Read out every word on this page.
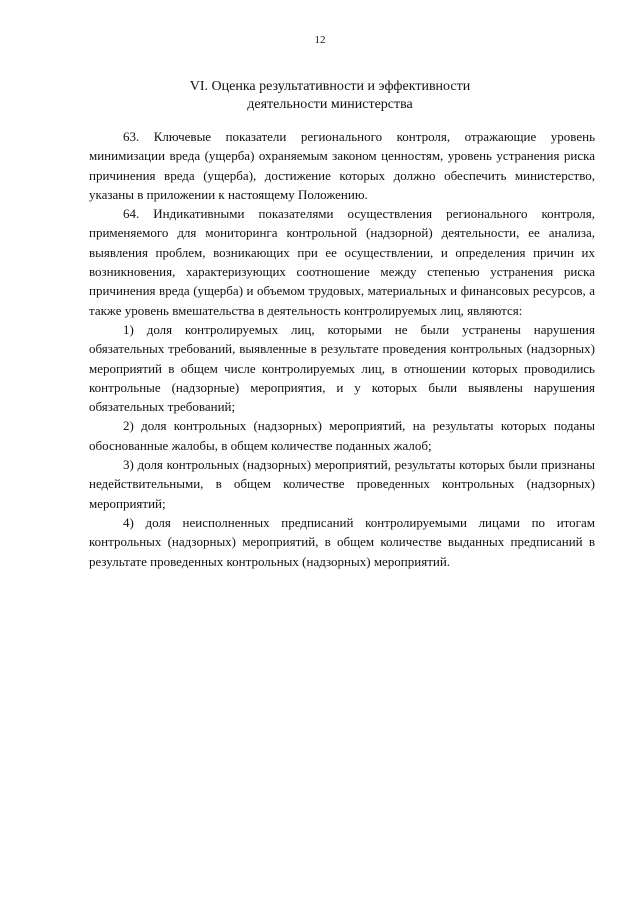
12
VI. Оценка результативности и эффективности
деятельности министерства

63. Ключевые показатели регионального контроля, отражающие уровень минимизации вреда (ущерба) охраняемым законом ценностям, уровень устранения риска причинения вреда (ущерба), достижение которых должно обеспечить министерство, указаны в приложении к настоящему Положению.

64. Индикативными показателями осуществления регионального контроля, применяемого для мониторинга контрольной (надзорной) деятельности, ее анализа, выявления проблем, возникающих при ее осуществлении, и определения причин их возникновения, характеризующих соотношение между степенью устранения риска причинения вреда (ущерба) и объемом трудовых, материальных и финансовых ресурсов, а также уровень вмешательства в деятельность контролируемых лиц, являются:

1) доля контролируемых лиц, которыми не были устранены нарушения обязательных требований, выявленные в результате проведения контрольных (надзорных) мероприятий в общем числе контролируемых лиц, в отношении которых проводились контрольные (надзорные) мероприятия, и у которых были выявлены нарушения обязательных требований;

2) доля контрольных (надзорных) мероприятий, на результаты которых поданы обоснованные жалобы, в общем количестве поданных жалоб;

3) доля контрольных (надзорных) мероприятий, результаты которых были признаны недействительными, в общем количестве проведенных контрольных (надзорных) мероприятий;

4) доля неисполненных предписаний контролируемыми лицами по итогам контрольных (надзорных) мероприятий, в общем количестве выданных предписаний в результате проведенных контрольных (надзорных) мероприятий.
